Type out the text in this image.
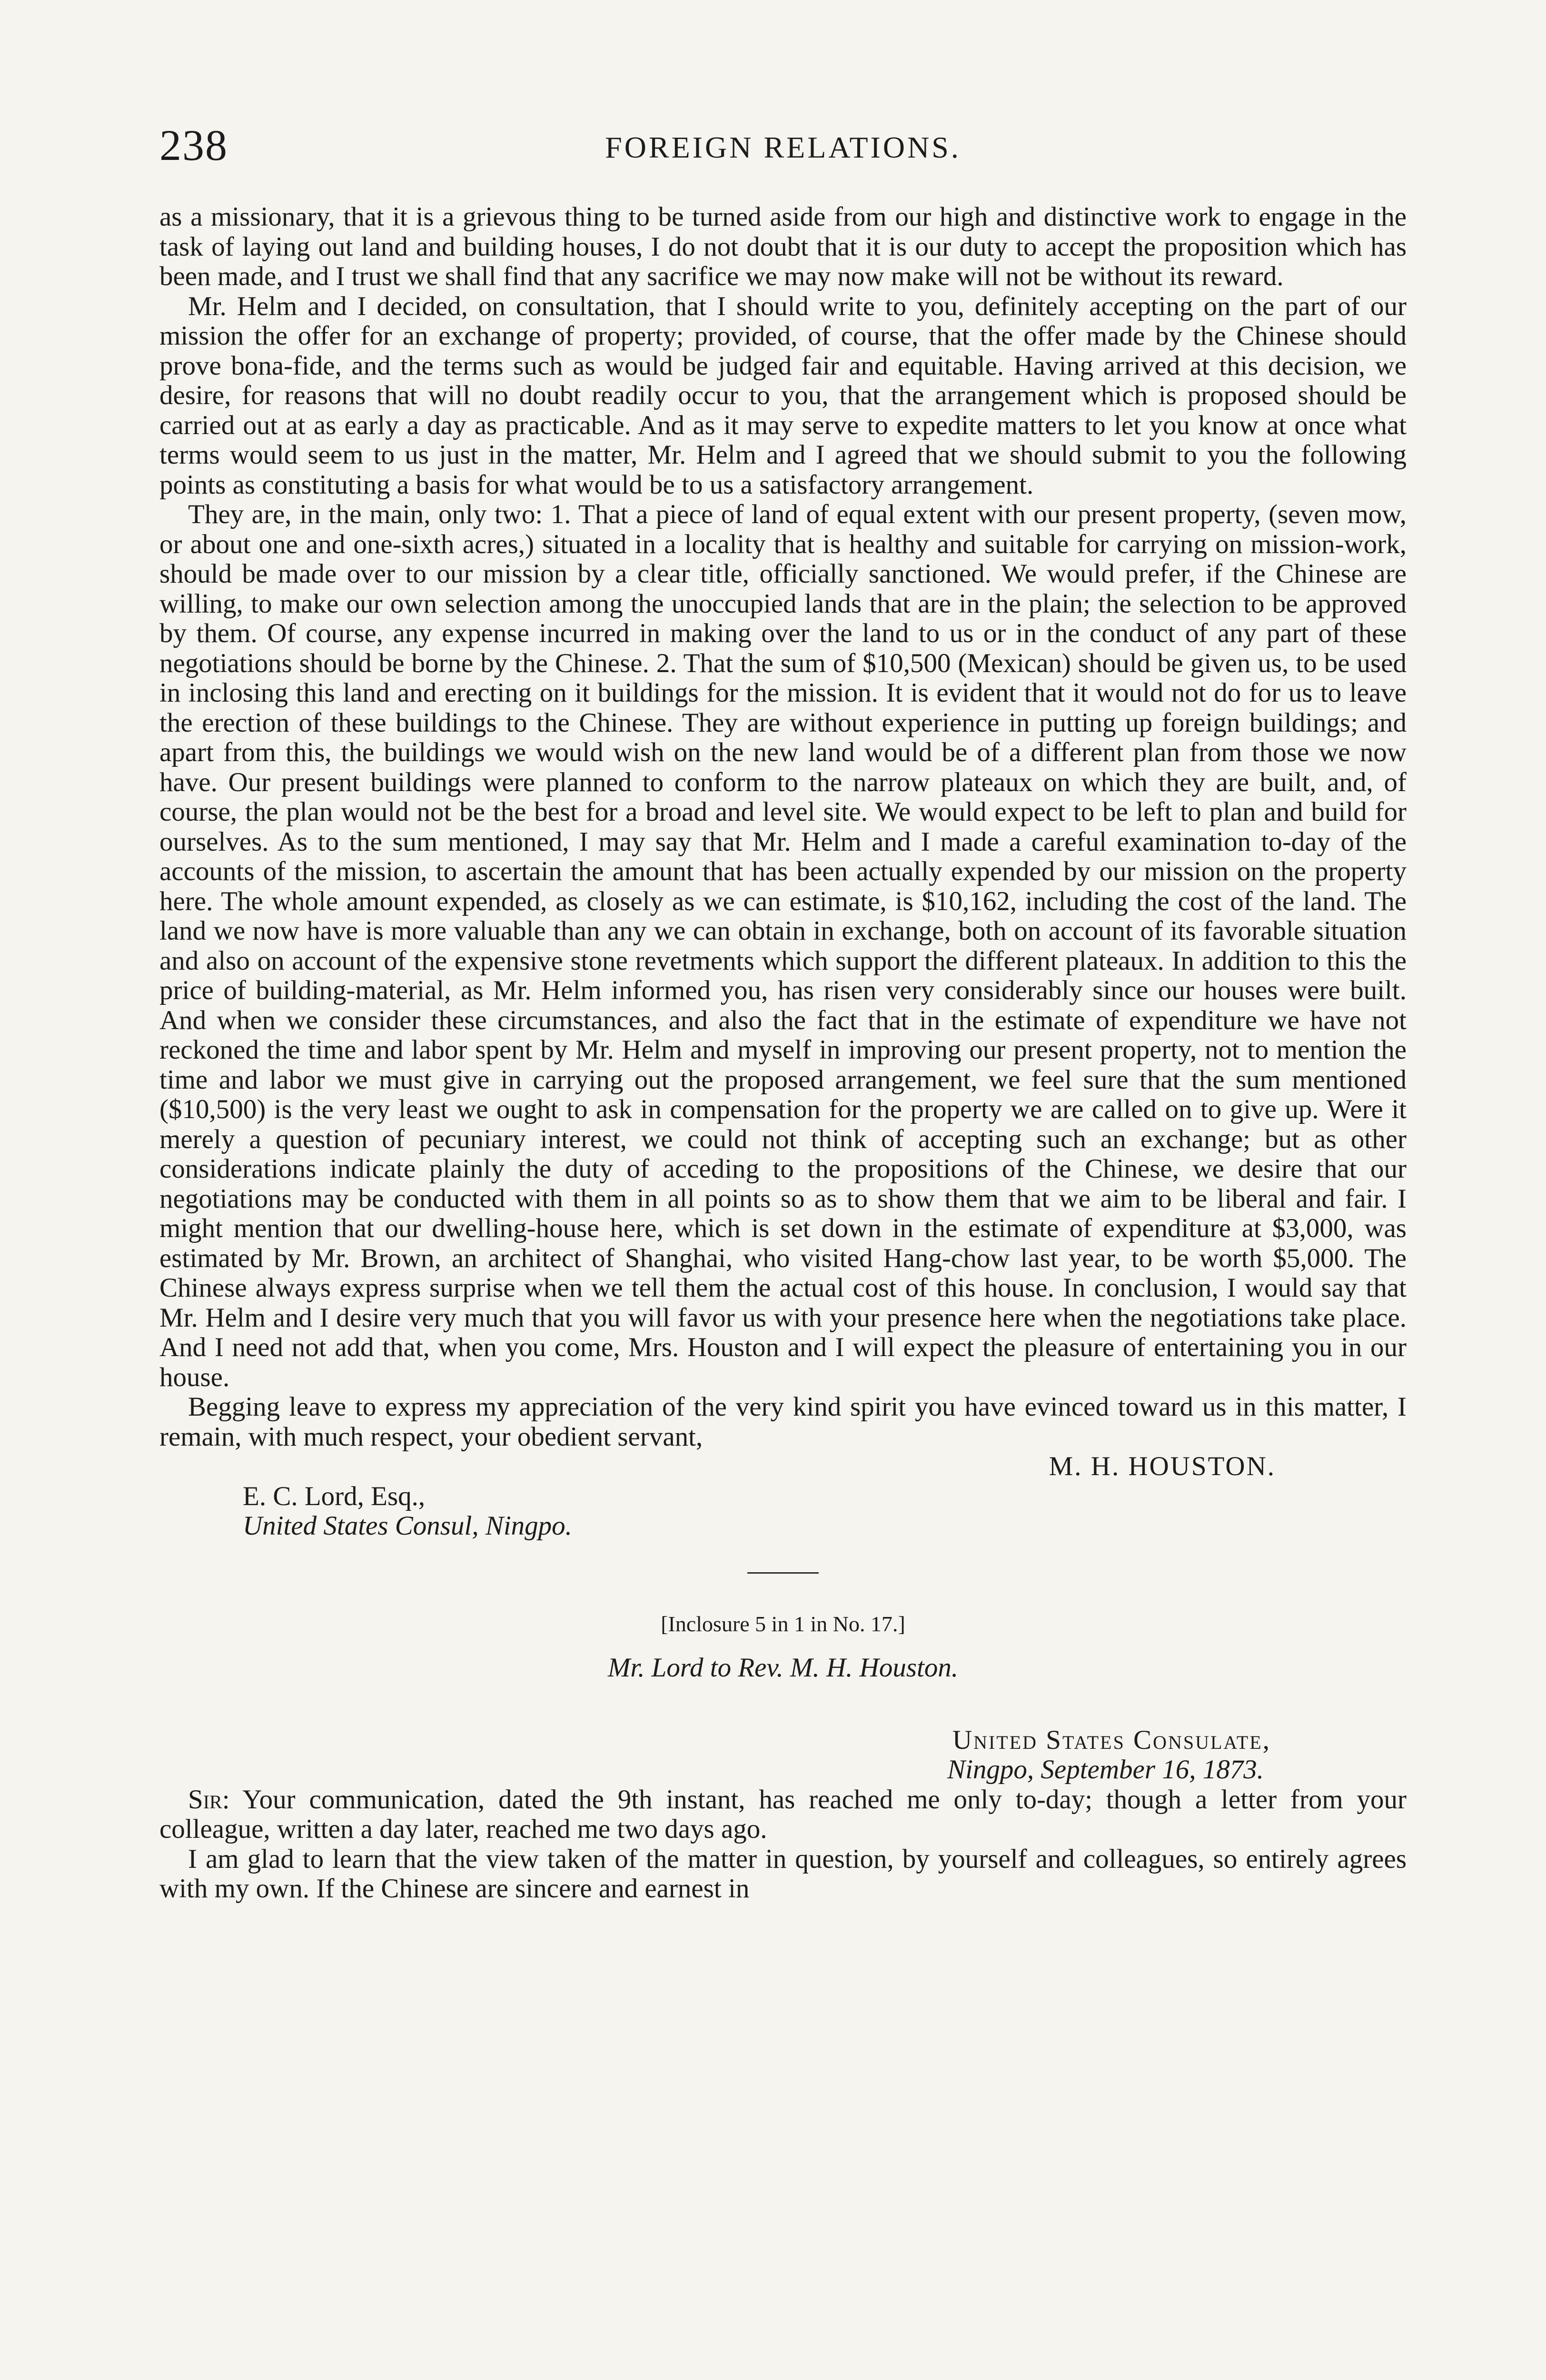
238	FOREIGN RELATIONS.

as a missionary, that it is a grievous thing to be turned aside from our high and distinctive work to engage in the task of laying out land and building houses, I do not doubt that it is our duty to accept the proposition which has been made, and I trust we shall find that any sacrifice we may now make will not be without its reward.

Mr. Helm and I decided, on consultation, that I should write to you, definitely accepting on the part of our mission the offer for an exchange of property; provided, of course, that the offer made by the Chinese should prove bona-fide, and the terms such as would be judged fair and equitable. Having arrived at this decision, we desire, for reasons that will no doubt readily occur to you, that the arrangement which is proposed should be carried out at as early a day as practicable. And as it may serve to expedite matters to let you know at once what terms would seem to us just in the matter, Mr. Helm and I agreed that we should submit to you the following points as constituting a basis for what would be to us a satisfactory arrangement.

They are, in the main, only two: 1. That a piece of land of equal extent with our present property, (seven mow, or about one and one-sixth acres,) situated in a locality that is healthy and suitable for carrying on mission-work, should be made over to our mission by a clear title, officially sanctioned. We would prefer, if the Chinese are willing, to make our own selection among the unoccupied lands that are in the plain; the selection to be approved by them. Of course, any expense incurred in making over the land to us or in the conduct of any part of these negotiations should be borne by the Chinese. 2. That the sum of $10,500 (Mexican) should be given us, to be used in inclosing this land and erecting on it buildings for the mission. It is evident that it would not do for us to leave the erection of these buildings to the Chinese. They are without experience in putting up foreign buildings; and apart from this, the buildings we would wish on the new land would be of a different plan from those we now have. Our present buildings were planned to conform to the narrow plateaux on which they are built, and, of course, the plan would not be the best for a broad and level site. We would expect to be left to plan and build for ourselves. As to the sum mentioned, I may say that Mr. Helm and I made a careful examination to-day of the accounts of the mission, to ascertain the amount that has been actually expended by our mission on the property here. The whole amount expended, as closely as we can estimate, is $10,162, including the cost of the land. The land we now have is more valuable than any we can obtain in exchange, both on account of its favorable situation and also on account of the expensive stone revetments which support the different plateaux. In addition to this the price of building-material, as Mr. Helm informed you, has risen very considerably since our houses were built. And when we consider these circumstances, and also the fact that in the estimate of expenditure we have not reckoned the time and labor spent by Mr. Helm and myself in improving our present property, not to mention the time and labor we must give in carrying out the proposed arrangement, we feel sure that the sum mentioned ($10,500) is the very least we ought to ask in compensation for the property we are called on to give up. Were it merely a question of pecuniary interest, we could not think of accepting such an exchange; but as other considerations indicate plainly the duty of acceding to the propositions of the Chinese, we desire that our negotiations may be conducted with them in all points so as to show them that we aim to be liberal and fair. I might mention that our dwelling-house here, which is set down in the estimate of expenditure at $3,000, was estimated by Mr. Brown, an architect of Shanghai, who visited Hang-chow last year, to be worth $5,000. The Chinese always express surprise when we tell them the actual cost of this house. In conclusion, I would say that Mr. Helm and I desire very much that you will favor us with your presence here when the negotiations take place. And I need not add that, when you come, Mrs. Houston and I will expect the pleasure of entertaining you in our house.

Begging leave to express my appreciation of the very kind spirit you have evinced toward us in this matter, I remain, with much respect, your obedient servant,

M. H. HOUSTON.
E. C. Lord, Esq.,
United States Consul, Ningpo.
[Inclosure 5 in 1 in No. 17.]
Mr. Lord to Rev. M. H. Houston.
United States Consulate,
Ningpo, September 16, 1873.
Sir: Your communication, dated the 9th instant, has reached me only to-day; though a letter from your colleague, written a day later, reached me two days ago.

I am glad to learn that the view taken of the matter in question, by yourself and colleagues, so entirely agrees with my own. If the Chinese are sincere and earnest in
